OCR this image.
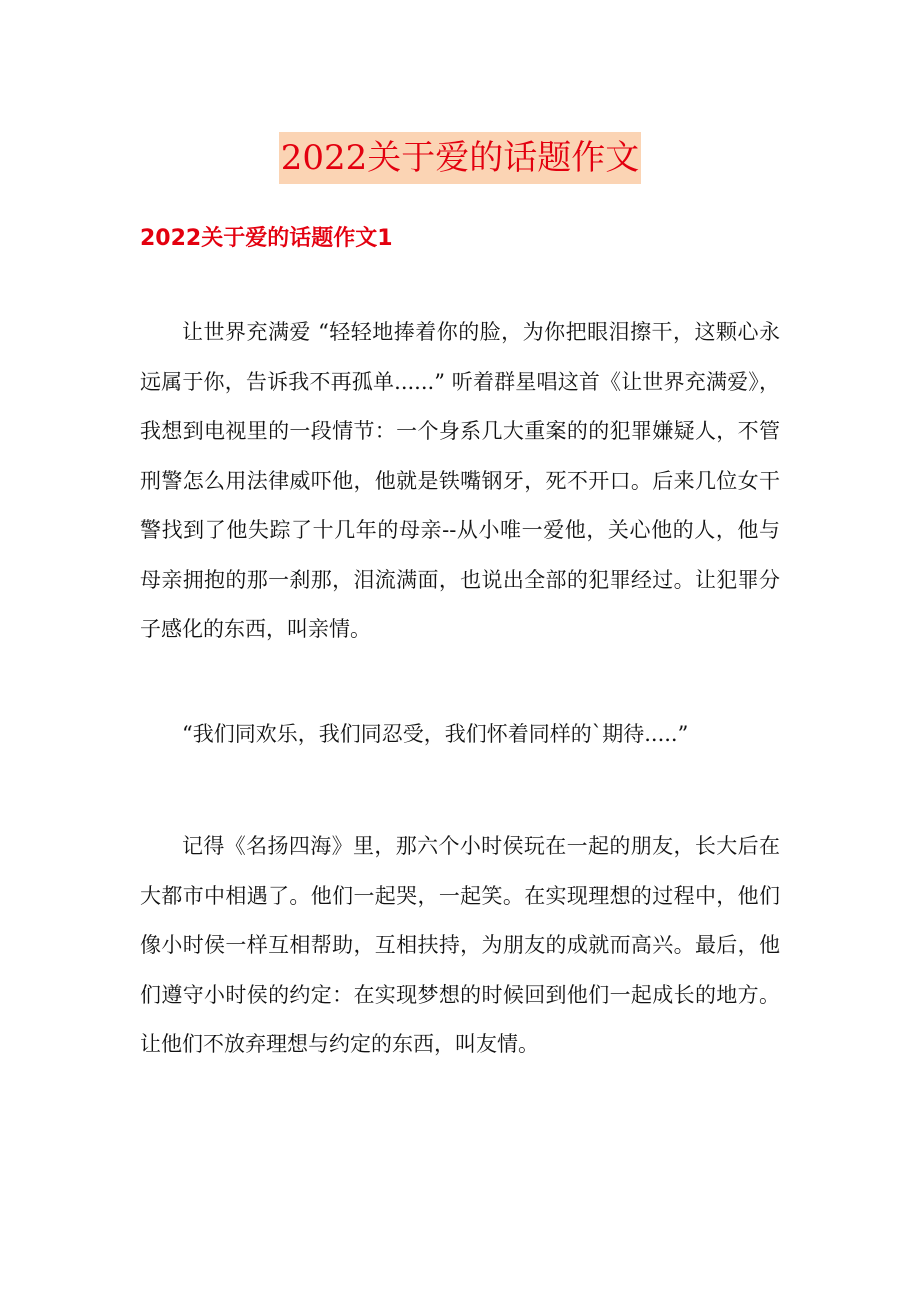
2022关于爱的话题作文
2022关于爱的话题作文1

让世界充满爱 “轻轻地捧着你的脸，为你把眼泪擦干，这颗心永远属于你，告诉我不再孤单......” 听着群星唱这首《让世界充满爱》，我想到电视里的一段情节：一个身系几大重案的的犯罪嫌疑人，不管刑警怎么用法律威吓他，他就是铁嘴钢牙，死不开口。后来几位女干警找到了他失踪了十几年的母亲--从小唯一爱他，关心他的人，他与母亲拥抱的那一刹那，泪流满面，也说出全部的犯罪经过。让犯罪分子感化的东西，叫亲情。

“我们同欢乐，我们同忍受，我们怀着同样的`期待.....”

记得《名扬四海》里，那六个小时侯玩在一起的朋友，长大后在大都市中相遇了。他们一起哭，一起笑。在实现理想的过程中，他们像小时侯一样互相帮助，互相扶持，为朋友的成就而高兴。最后，他们遵守小时侯的约定：在实现梦想的时候回到他们一起成长的地方。让他们不放弃理想与约定的东西，叫友情。
